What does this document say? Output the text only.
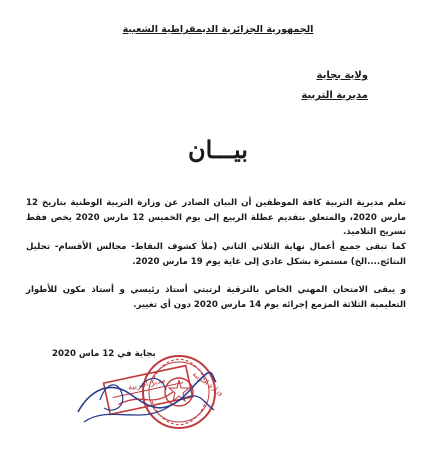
الجمهورية الجزائرية الديمقراطية الشعبية
ولاية بجاية
مديرية التربية
بيـــان
تعلم مديرية التربية كافة الموظفين أن البيان الصادر عن وزارة التربية الوطنية بتاريخ 12 مارس 2020، والمتعلق بتقديم عطلة الربيع إلى يوم الخميس 12 مارس 2020 يخص فقط تسريح التلاميذ.
كما تبقى جميع أعمال نهاية الثلاثي الثاني (ملأ كشوف النقاط- مجالس الأقسام- تحليل النتائج....الخ) مستمرة بشكل عادي إلى غاية يوم 19 مارس 2020.
و يبقى الامتحان المهني الخاص بالترقية لرتبتي أستاذ رئيسي و أستاذ مكون للأطوار التعليمية الثلاثة المزمع إجرائه يوم 14 مارس 2020 دون أي تغيير.
بجاية في 12 ماس 2020
وزارة التربية
مدير التربية
